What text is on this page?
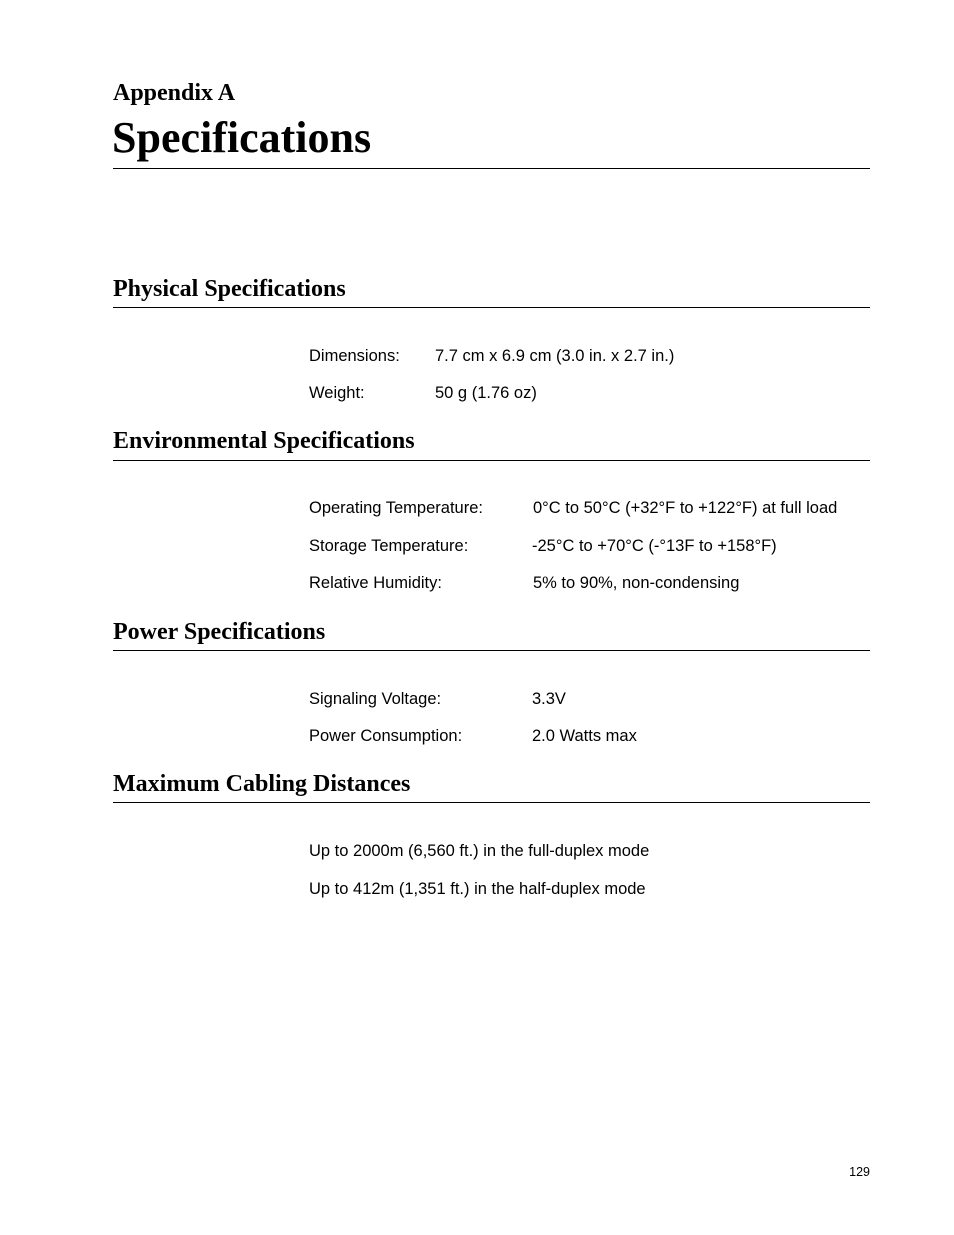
Appendix A
Specifications
Physical Specifications
Dimensions: 7.7 cm x 6.9 cm (3.0 in. x 2.7 in.)
Weight:	50 g (1.76 oz)
Environmental Specifications
Operating Temperature:	0°C to 50°C (+32°F to +122°F) at full load
Storage Temperature:	-25°C to +70°C (-°13F to +158°F)
Relative Humidity:	5% to 90%, non-condensing
Power Specifications
Signaling Voltage:	3.3V
Power Consumption:	2.0 Watts max
Maximum Cabling Distances
Up to 2000m (6,560 ft.) in the full-duplex mode
Up to 412m (1,351 ft.) in the half-duplex mode
129
